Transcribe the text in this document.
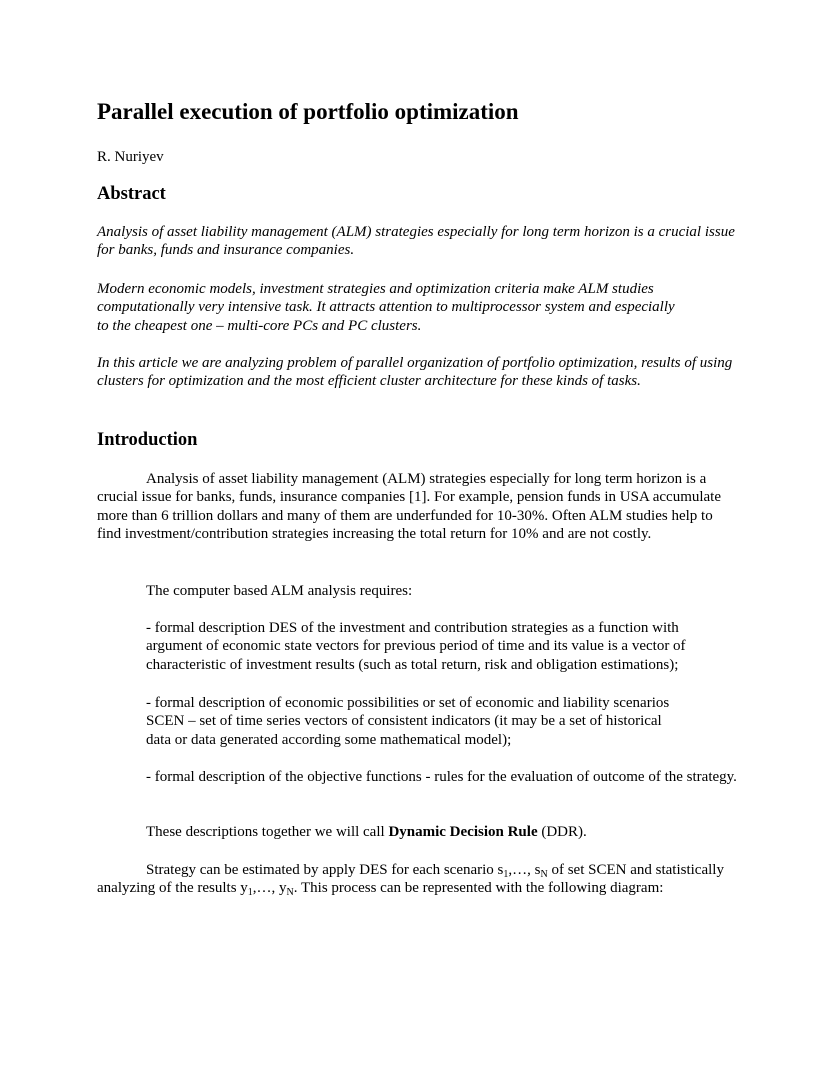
Parallel execution of portfolio optimization

R. Nuriyev

Abstract

Analysis of asset liability management (ALM) strategies especially for long term horizon is a crucial issue for banks, funds and insurance companies.

Modern economic models, investment strategies and optimization criteria make ALM studies
computationally very intensive task. It attracts attention to multiprocessor system and especially
to the cheapest one – multi-core PCs and PC clusters.

In this article we are analyzing problem of parallel organization of portfolio optimization, results of using clusters for optimization and the most efficient cluster architecture for these kinds of tasks.

Introduction

Analysis of asset liability management (ALM) strategies especially for long term horizon is a crucial issue for banks, funds, insurance companies [1]. For example, pension funds in USA accumulate more than 6 trillion dollars and many of them are underfunded for 10-30%. Often ALM studies help to find investment/contribution strategies increasing the total return for 10% and are not costly.

The computer based ALM analysis requires:

- formal description DES of the investment and contribution strategies as a function with argument of economic state vectors for previous period of time and its value is a vector of characteristic of investment results (such as total return, risk and obligation estimations);

- formal description of economic possibilities or set of economic and liability scenarios
SCEN – set of time series vectors of consistent indicators (it may be a set of historical
data or data generated according some mathematical model);

- formal description of the objective functions - rules for the evaluation of outcome of the strategy.

These descriptions together we will call Dynamic Decision Rule (DDR).

Strategy can be estimated by apply DES for each scenario $s_1,\dots$, $s_N$ of set SCEN and statistically analyzing of the results $y_1,\dots$, $y_N$. This process can be represented with the following diagram:
